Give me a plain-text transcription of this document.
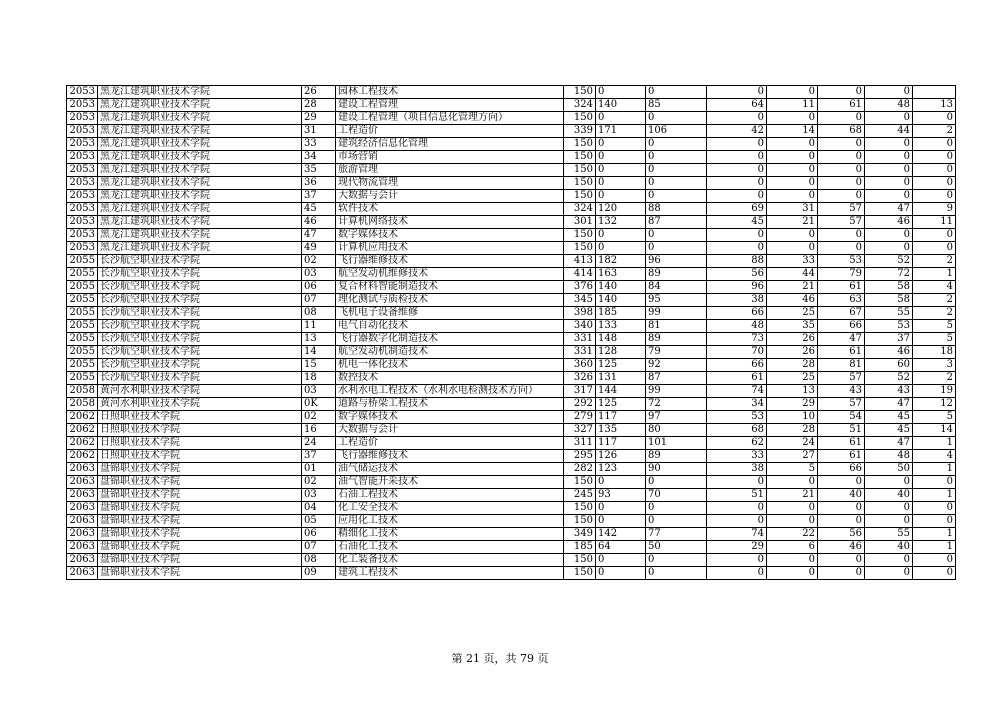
2053	黑龙江建筑职业技术学院	26	园林工程技术	150	0	0	0	0	0	0	
2053	黑龙江建筑职业技术学院	28	建设工程管理	324	140	85	64	11	61	48	13
2053	黑龙江建筑职业技术学院	29	建设工程管理（项目信息化管理方向）	150	0	0	0	0	0	0	0
2053	黑龙江建筑职业技术学院	31	工程造价	339	171	106	42	14	68	44	2
2053	黑龙江建筑职业技术学院	33	建筑经济信息化管理	150	0	0	0	0	0	0	0
2053	黑龙江建筑职业技术学院	34	市场营销	150	0	0	0	0	0	0	0
2053	黑龙江建筑职业技术学院	35	旅游管理	150	0	0	0	0	0	0	0
2053	黑龙江建筑职业技术学院	36	现代物流管理	150	0	0	0	0	0	0	0
2053	黑龙江建筑职业技术学院	37	大数据与会计	150	0	0	0	0	0	0	0
2053	黑龙江建筑职业技术学院	45	软件技术	324	120	88	69	31	57	47	9
2053	黑龙江建筑职业技术学院	46	计算机网络技术	301	132	87	45	21	57	46	11
2053	黑龙江建筑职业技术学院	47	数字媒体技术	150	0	0	0	0	0	0	0
2053	黑龙江建筑职业技术学院	49	计算机应用技术	150	0	0	0	0	0	0	0
2055	长沙航空职业技术学院	02	飞行器维修技术	413	182	96	88	33	53	52	2
2055	长沙航空职业技术学院	03	航空发动机维修技术	414	163	89	56	44	79	72	1
2055	长沙航空职业技术学院	06	复合材料智能制造技术	376	140	84	96	21	61	58	4
2055	长沙航空职业技术学院	07	理化测试与质检技术	345	140	95	38	46	63	58	2
2055	长沙航空职业技术学院	08	飞机电子设备维修	398	185	99	66	25	67	55	2
2055	长沙航空职业技术学院	11	电气自动化技术	340	133	81	48	35	66	53	5
2055	长沙航空职业技术学院	13	飞行器数字化制造技术	331	148	89	73	26	47	37	5
2055	长沙航空职业技术学院	14	航空发动机制造技术	331	128	79	70	26	61	46	18
2055	长沙航空职业技术学院	15	机电一体化技术	360	125	92	66	28	81	60	3
2055	长沙航空职业技术学院	18	数控技术	326	131	87	61	25	57	52	2
2058	黄河水利职业技术学院	03	水利水电工程技术（水利水电检测技术方向）	317	144	99	74	13	43	43	19
2058	黄河水利职业技术学院	0K	道路与桥梁工程技术	292	125	72	34	29	57	47	12
2062	日照职业技术学院	02	数字媒体技术	279	117	97	53	10	54	45	5
2062	日照职业技术学院	16	大数据与会计	327	135	80	68	28	51	45	14
2062	日照职业技术学院	24	工程造价	311	117	101	62	24	61	47	1
2062	日照职业技术学院	37	飞行器维修技术	295	126	89	33	27	61	48	4
2063	盘锦职业技术学院	01	油气储运技术	282	123	90	38	5	66	50	1
2063	盘锦职业技术学院	02	油气智能开采技术	150	0	0	0	0	0	0	0
2063	盘锦职业技术学院	03	石油工程技术	245	93	70	51	21	40	40	1
2063	盘锦职业技术学院	04	化工安全技术	150	0	0	0	0	0	0	0
2063	盘锦职业技术学院	05	应用化工技术	150	0	0	0	0	0	0	0
2063	盘锦职业技术学院	06	精细化工技术	349	142	77	74	22	56	55	1
2063	盘锦职业技术学院	07	石油化工技术	185	64	50	29	6	46	40	1
2063	盘锦职业技术学院	08	化工装备技术	150	0	0	0	0	0	0	0
2063	盘锦职业技术学院	09	建筑工程技术	150	0	0	0	0	0	0	0
第 21 页，共 79 页
